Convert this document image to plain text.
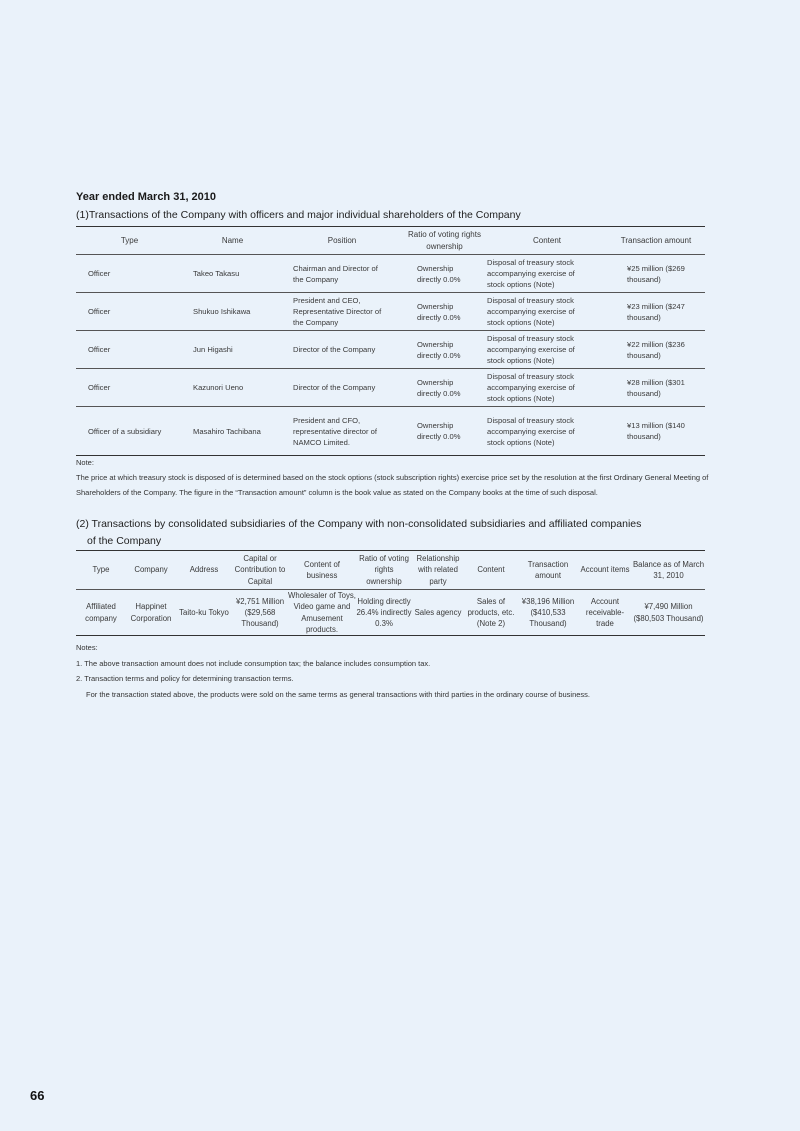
Year ended March 31, 2010
(1)Transactions of the Company with officers and major individual shareholders of the Company
Type	Name	Position	Ratio of voting rights ownership	Content	Transaction amount
Officer	Takeo Takasu	Chairman and Director of the Company	Ownership directly 0.0%	Disposal of treasury stock accompanying exercise of stock options (Note)	¥25 million ($269 thousand)
Officer	Shukuo Ishikawa	President and CEO, Representative Director of the Company	Ownership directly 0.0%	Disposal of treasury stock accompanying exercise of stock options (Note)	¥23 million ($247 thousand)
Officer	Jun Higashi	Director of the Company	Ownership directly 0.0%	Disposal of treasury stock accompanying exercise of stock options (Note)	¥22 million ($236 thousand)
Officer	Kazunori Ueno	Director of the Company	Ownership directly 0.0%	Disposal of treasury stock accompanying exercise of stock options (Note)	¥28 million ($301 thousand)
Officer of a subsidiary	Masahiro Tachibana	President and CFO, representative director of NAMCO Limited.	Ownership directly 0.0%	Disposal of treasury stock accompanying exercise of stock options (Note)	¥13 million ($140 thousand)
Note:
The price at which treasury stock is disposed of is determined based on the stock options (stock subscription rights) exercise price set by the resolution at the first Ordinary General Meeting of Shareholders of the Company. The figure in the “Transaction amount” column is the book value as stated on the Company books at the time of such disposal.
(2) Transactions by consolidated subsidiaries of the Company with non-consolidated subsidiaries and affiliated companies
of the Company
Type	Company	Address	Capital or Contribution to Capital	Content of business	Ratio of voting rights ownership	Relationship with related party	Content	Transaction amount	Account items	Balance as of March 31, 2010
Affiliated company	Happinet Corporation	Taito-ku Tokyo	¥2,751 Million ($29,568 Thousand)	Wholesaler of Toys, Video game and Amusement products.	Holding directly 26.4% indirectly 0.3%	Sales agency	Sales of products, etc. (Note 2)	¥38,196 Million ($410,533 Thousand)	Account receivable-trade	¥7,490 Million ($80,503 Thousand)
Notes:
1. The above transaction amount does not include consumption tax; the balance includes consumption tax.
2. Transaction terms and policy for determining transaction terms.
For the transaction stated above, the products were sold on the same terms as general transactions with third parties in the ordinary course of business.
66
